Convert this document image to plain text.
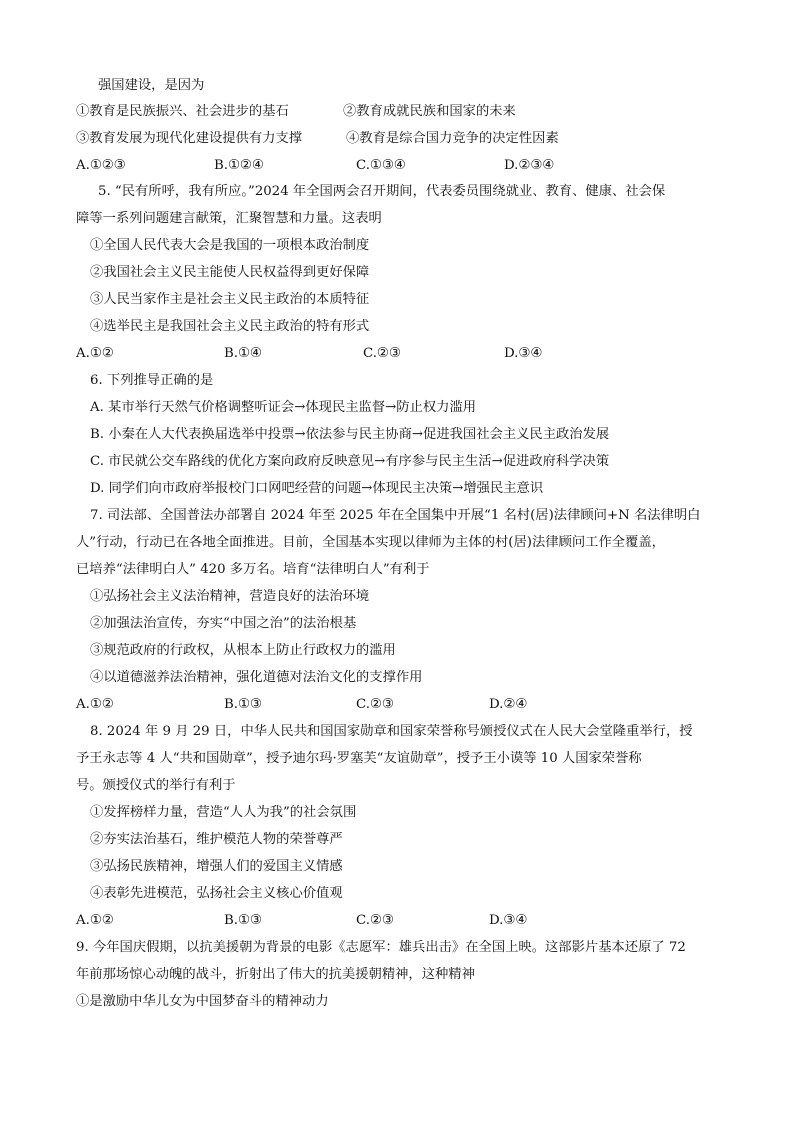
强国建设，是因为
①教育是民族振兴、社会进步的基石	②教育成就民族和国家的未来
③教育发展为现代化建设提供有力支撑	④教育是综合国力竞争的决定性因素
A.①②③	B.①②④	C.①③④	D.②③④
5. “民有所呼，我有所应。”2024 年全国两会召开期间，代表委员围绕就业、教育、健康、社会保
障等一系列问题建言献策，汇聚智慧和力量。这表明
①全国人民代表大会是我国的一项根本政治制度
②我国社会主义民主能使人民权益得到更好保障
③人民当家作主是社会主义民主政治的本质特征
④选举民主是我国社会主义民主政治的特有形式
A.①②	B.①④	C.②③	D.③④
6. 下列推导正确的是
A. 某市举行天然气价格调整听证会→体现民主监督→防止权力滥用
B. 小秦在人大代表换届选举中投票→依法参与民主协商→促进我国社会主义民主政治发展
C. 市民就公交车路线的优化方案向政府反映意见→有序参与民主生活→促进政府科学决策
D. 同学们向市政府举报校门口网吧经营的问题→体现民主决策→增强民主意识
7. 司法部、全国普法办部署自 2024 年至 2025 年在全国集中开展“1 名村(居)法律顾问+N 名法律明白
人”行动，行动已在各地全面推进。目前，全国基本实现以律师为主体的村(居)法律顾问工作全覆盖，
已培养“法律明白人” 420 多万名。培育“法律明白人”有利于
①弘扬社会主义法治精神，营造良好的法治环境
②加强法治宣传，夯实“中国之治”的法治根基
③规范政府的行政权，从根本上防止行政权力的滥用
④以道德滋养法治精神，强化道德对法治文化的支撑作用
A.①②	B.①③	C.②③	D.②④
8. 2024 年 9 月 29 日，中华人民共和国国家勋章和国家荣誉称号颁授仪式在人民大会堂隆重举行，授
予王永志等 4 人“共和国勋章”，授予迪尔玛·罗塞芙“友谊勋章”，授予王小谟等 10 人国家荣誉称
号。颁授仪式的举行有利于
①发挥榜样力量，营造“人人为我”的社会氛围
②夯实法治基石，维护模范人物的荣誉尊严
③弘扬民族精神，增强人们的爱国主义情感
④表彰先进模范，弘扬社会主义核心价值观
A.①②	B.①③	C.②③	D.③④
9. 今年国庆假期，以抗美援朝为背景的电影《志愿军：雄兵出击》在全国上映。这部影片基本还原了 72
年前那场惊心动魄的战斗，折射出了伟大的抗美援朝精神，这种精神
①是激励中华儿女为中国梦奋斗的精神动力
